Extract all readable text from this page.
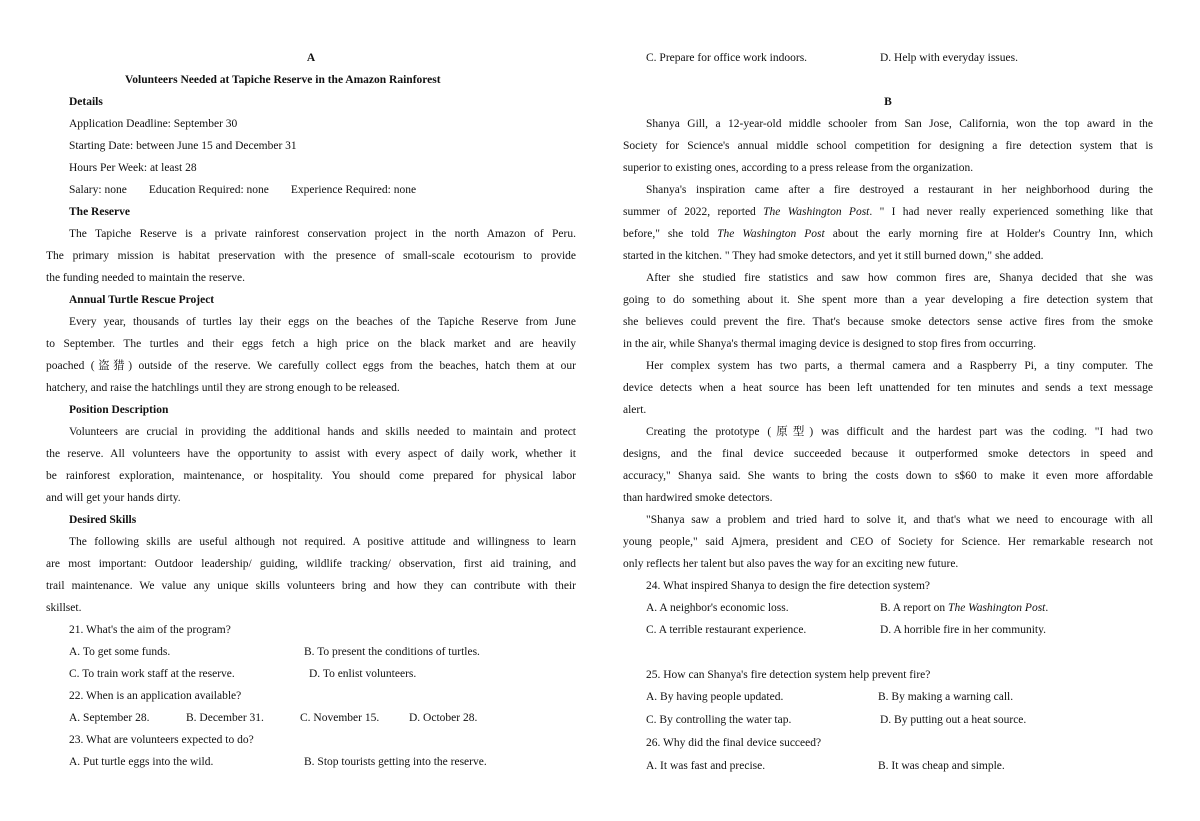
A
Volunteers Needed at Tapiche Reserve in the Amazon Rainforest
Details
Application Deadline: September 30
Starting Date: between June 15 and December 31
Hours Per Week: at least 28
Salary: none Education Required: none Experience Required: none
The Reserve
The Tapiche Reserve is a private rainforest conservation project in the north Amazon of Peru.
The primary mission is habitat preservation with the presence of small-scale ecotourism to provide
the funding needed to maintain the reserve.
Annual Turtle Rescue Project
Every year, thousands of turtles lay their eggs on the beaches of the Tapiche Reserve from June
to September. The turtles and their eggs fetch a high price on the black market and are heavily
poached (盗猎) outside of the reserve. We carefully collect eggs from the beaches, hatch them at our
hatchery, and raise the hatchlings until they are strong enough to be released.
Position Description
Volunteers are crucial in providing the additional hands and skills needed to maintain and protect
the reserve. All volunteers have the opportunity to assist with every aspect of daily work, whether it
be rainforest exploration, maintenance, or hospitality. You should come prepared for physical labor
and will get your hands dirty.
Desired Skills
The following skills are useful although not required. A positive attitude and willingness to learn
are most important: Outdoor leadership/ guiding, wildlife tracking/ observation, first aid training, and
trail maintenance. We value any unique skills volunteers bring and how they can contribute with their
skillset.
21. What's the aim of the program?
A. To get some funds.	B. To present the conditions of turtles.
C. To train work staff at the reserve.	D. To enlist volunteers.
22. When is an application available?
A. September 28.	B. December 31.	C. November 15.	D. October 28.
23. What are volunteers expected to do?
A. Put turtle eggs into the wild.	B. Stop tourists getting into the reserve.
C. Prepare for office work indoors.	D. Help with everyday issues.
B
Shanya Gill, a 12-year-old middle schooler from San Jose, California, won the top award in the
Society for Science's annual middle school competition for designing a fire detection system that is
superior to existing ones, according to a press release from the organization.
Shanya's inspiration came after a fire destroyed a restaurant in her neighborhood during the
summer of 2022, reported The Washington Post. " I had never really experienced something like that
before," she told The Washington Post about the early morning fire at Holder's Country Inn, which
started in the kitchen. " They had smoke detectors, and yet it still burned down," she added.
After she studied fire statistics and saw how common fires are, Shanya decided that she was
going to do something about it. She spent more than a year developing a fire detection system that
she believes could prevent the fire. That's because smoke detectors sense active fires from the smoke
in the air, while Shanya's thermal imaging device is designed to stop fires from occurring.
Her complex system has two parts, a thermal camera and a Raspberry Pi, a tiny computer. The
device detects when a heat source has been left unattended for ten minutes and sends a text message
alert.
Creating the prototype (原型) was difficult and the hardest part was the coding. "I had two
designs, and the final device succeeded because it outperformed smoke detectors in speed and
accuracy," Shanya said. She wants to bring the costs down to s$60 to make it even more affordable
than hardwired smoke detectors.
"Shanya saw a problem and tried hard to solve it, and that's what we need to encourage with all
young people," said Ajmera, president and CEO of Society for Science. Her remarkable research not
only reflects her talent but also paves the way for an exciting new future.
24. What inspired Shanya to design the fire detection system?
A. A neighbor's economic loss.	B. A report on The Washington Post.
C. A terrible restaurant experience.	D. A horrible fire in her community.
25. How can Shanya's fire detection system help prevent fire?
A. By having people updated.	B. By making a warning call.
C. By controlling the water tap.	D. By putting out a heat source.
26. Why did the final device succeed?
A. It was fast and precise.	B. It was cheap and simple.
